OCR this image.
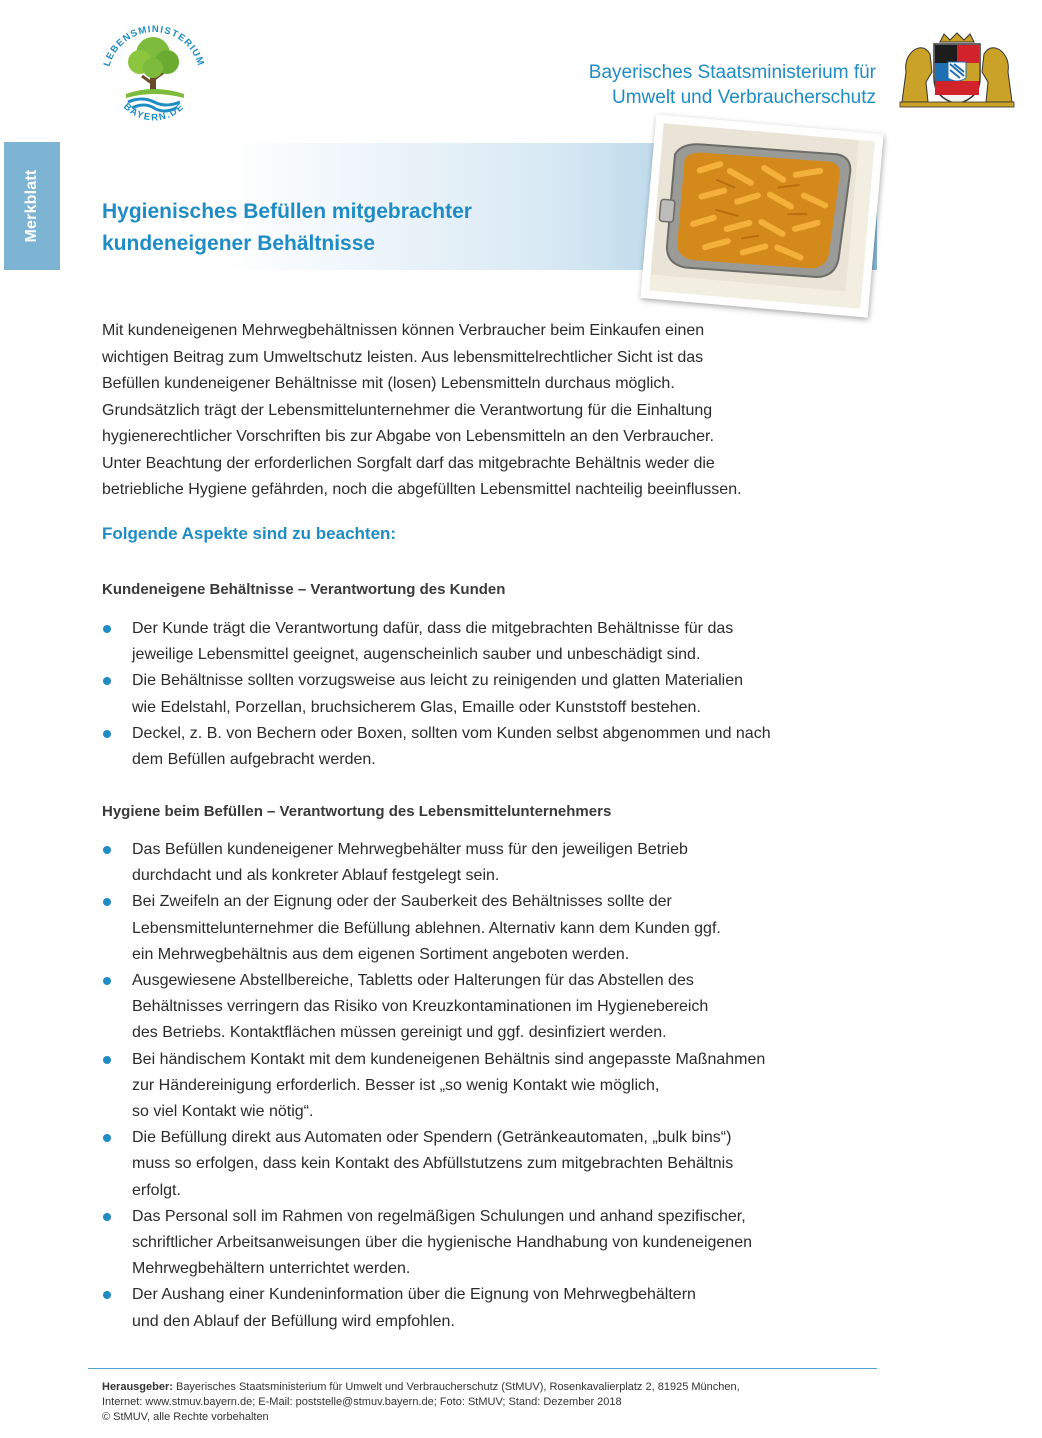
LEBENSMINISTERIUM
BAYERN.DE
Bayerisches Staatsministerium für
Umwelt und Verbraucherschutz
Merkblatt	Hygienisches Befüllen mitgebrachter
kundeneigener Behältnisse
Mit kundeneigenen Mehrwegbehältnissen können Verbraucher beim Einkaufen einen
wichtigen Beitrag zum Umweltschutz leisten. Aus lebensmittelrechtlicher Sicht ist das
Befüllen kundeneigener Behältnisse mit (losen) Lebensmitteln durchaus möglich.
Grundsätzlich trägt der Lebensmittelunternehmer die Verantwortung für die Einhaltung
hygienerechtlicher Vorschriften bis zur Abgabe von Lebensmitteln an den Verbraucher.
Unter Beachtung der erforderlichen Sorgfalt darf das mitgebrachte Behältnis weder die
betriebliche Hygiene gefährden, noch die abgefüllten Lebensmittel nachteilig beeinflussen.
Folgende Aspekte sind zu beachten:
Kundeneigene Behältnisse – Verantwortung des Kunden
Der Kunde trägt die Verantwortung dafür, dass die mitgebrachten Behältnisse für das
jeweilige Lebensmittel geeignet, augenscheinlich sauber und unbeschädigt sind.
Die Behältnisse sollten vorzugsweise aus leicht zu reinigenden und glatten Materialien
wie Edelstahl, Porzellan, bruchsicherem Glas, Emaille oder Kunststoff bestehen.
Deckel, z. B. von Bechern oder Boxen, sollten vom Kunden selbst abgenommen und nach
dem Befüllen aufgebracht werden.
Hygiene beim Befüllen – Verantwortung des Lebensmittelunternehmers
Das Befüllen kundeneigener Mehrwegbehälter muss für den jeweiligen Betrieb
durchdacht und als konkreter Ablauf festgelegt sein.
Bei Zweifeln an der Eignung oder der Sauberkeit des Behältnisses sollte der
Lebensmittelunternehmer die Befüllung ablehnen. Alternativ kann dem Kunden ggf.
ein Mehrwegbehältnis aus dem eigenen Sortiment angeboten werden.
Ausgewiesene Abstellbereiche, Tabletts oder Halterungen für das Abstellen des
Behältnisses verringern das Risiko von Kreuzkontaminationen im Hygienebereich
des Betriebs. Kontaktflächen müssen gereinigt und ggf. desinfiziert werden.
Bei händischem Kontakt mit dem kundeneigenen Behältnis sind angepasste Maßnahmen
zur Händereinigung erforderlich. Besser ist „so wenig Kontakt wie möglich,
so viel Kontakt wie nötig“.
Die Befüllung direkt aus Automaten oder Spendern (Getränkeautomaten, „bulk bins“)
muss so erfolgen, dass kein Kontakt des Abfüllstutzens zum mitgebrachten Behältnis
erfolgt.
Das Personal soll im Rahmen von regelmäßigen Schulungen und anhand spezifischer,
schriftlicher Arbeitsanweisungen über die hygienische Handhabung von kundeneigenen
Mehrwegbehältern unterrichtet werden.
Der Aushang einer Kundeninformation über die Eignung von Mehrwegbehältern
und den Ablauf der Befüllung wird empfohlen.
Herausgeber: Bayerisches Staatsministerium für Umwelt und Verbraucherschutz (StMUV), Rosenkavalierplatz 2, 81925 München,
Internet: www.stmuv.bayern.de; E-Mail: poststelle@stmuv.bayern.de; Foto: StMUV; Stand: Dezember 2018
© StMUV, alle Rechte vorbehalten
